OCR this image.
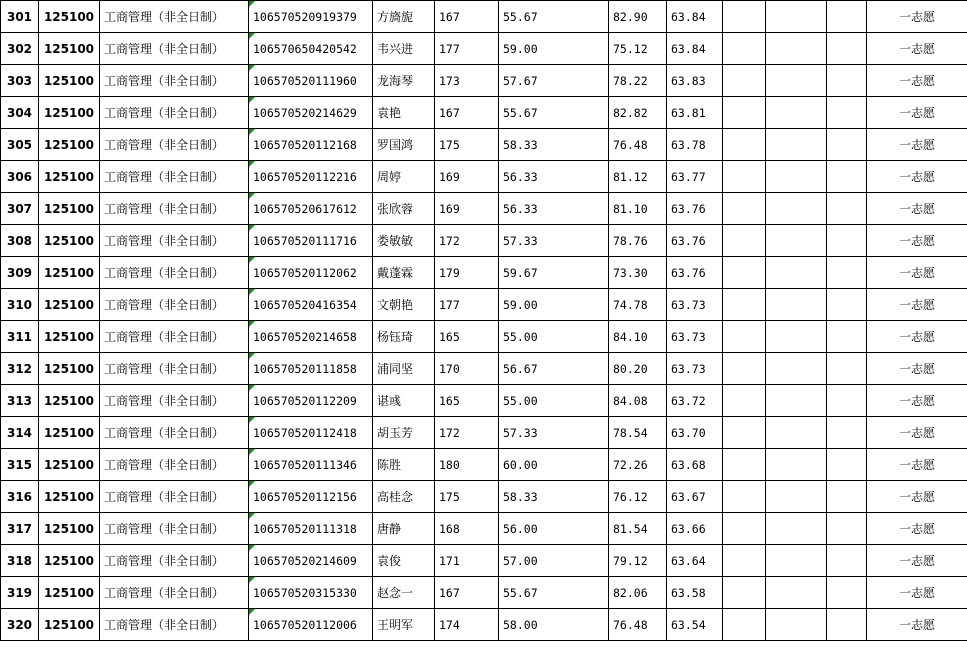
301	125100	工商管理（非全日制）	106570520919379	方旖旎	167	55.67	82.90	63.84				一志愿
302	125100	工商管理（非全日制）	106570650420542	韦兴进	177	59.00	75.12	63.84				一志愿
303	125100	工商管理（非全日制）	106570520111960	龙海琴	173	57.67	78.22	63.83				一志愿
304	125100	工商管理（非全日制）	106570520214629	袁艳	167	55.67	82.82	63.81				一志愿
305	125100	工商管理（非全日制）	106570520112168	罗国鸿	175	58.33	76.48	63.78				一志愿
306	125100	工商管理（非全日制）	106570520112216	周婷	169	56.33	81.12	63.77				一志愿
307	125100	工商管理（非全日制）	106570520617612	张欣蓉	169	56.33	81.10	63.76				一志愿
308	125100	工商管理（非全日制）	106570520111716	娄敏敏	172	57.33	78.76	63.76				一志愿
309	125100	工商管理（非全日制）	106570520112062	戴蓬霖	179	59.67	73.30	63.76				一志愿
310	125100	工商管理（非全日制）	106570520416354	文朝艳	177	59.00	74.78	63.73				一志愿
311	125100	工商管理（非全日制）	106570520214658	杨钰琦	165	55.00	84.10	63.73				一志愿
312	125100	工商管理（非全日制）	106570520111858	浦同坚	170	56.67	80.20	63.73				一志愿
313	125100	工商管理（非全日制）	106570520112209	谌彧	165	55.00	84.08	63.72				一志愿
314	125100	工商管理（非全日制）	106570520112418	胡玉芳	172	57.33	78.54	63.70				一志愿
315	125100	工商管理（非全日制）	106570520111346	陈胜	180	60.00	72.26	63.68				一志愿
316	125100	工商管理（非全日制）	106570520112156	高桂念	175	58.33	76.12	63.67				一志愿
317	125100	工商管理（非全日制）	106570520111318	唐静	168	56.00	81.54	63.66				一志愿
318	125100	工商管理（非全日制）	106570520214609	袁俊	171	57.00	79.12	63.64				一志愿
319	125100	工商管理（非全日制）	106570520315330	赵念一	167	55.67	82.06	63.58				一志愿
320	125100	工商管理（非全日制）	106570520112006	王明军	174	58.00	76.48	63.54				一志愿
